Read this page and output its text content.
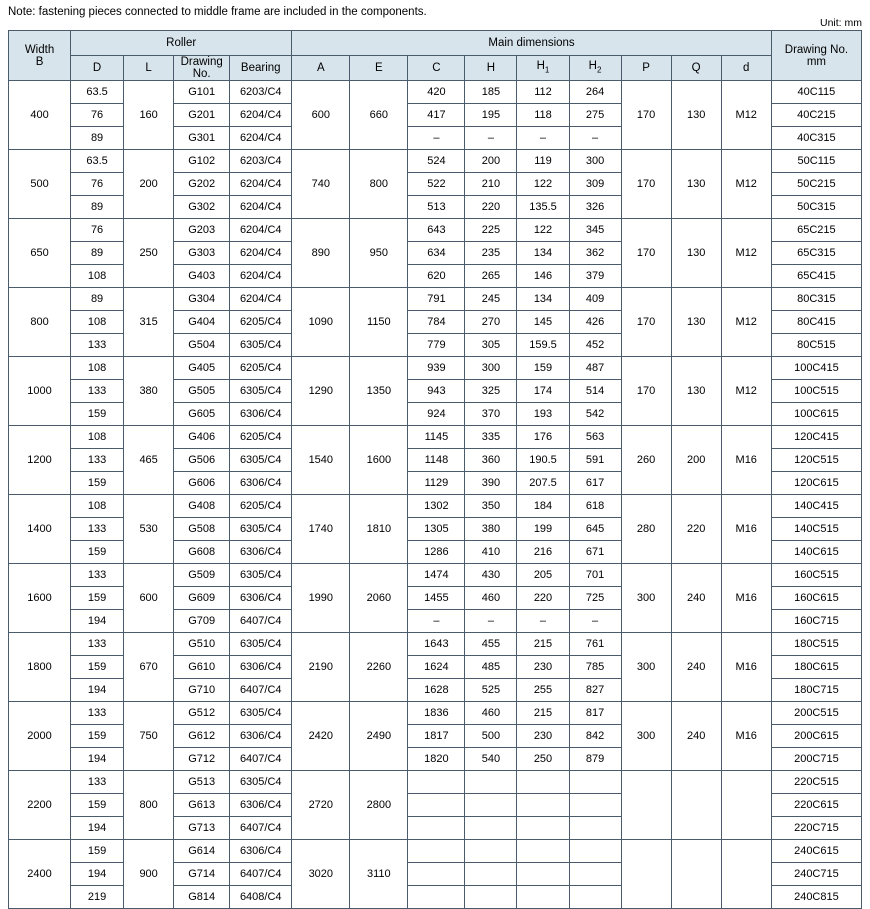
Note: fastening pieces connected to middle frame are included in the components.
Unit: mm
Width
B
	Roller	Main dimensions	
Drawing No.
mm

	D	L	Drawing
No.	Bearing	A	E	C	H	$H_1$	$H_2$	P	Q	d	
400	63.5	160	G101	6203/C4	600	660	420	185	112	264	170	130	M12	40C115
	76		G201	6204/C4			417	195	118	275				40C215
	89		G301	6204/C4			–	–	–	–				40C315
500	63.5	200	G102	6203/C4	740	800	524	200	119	300	170	130	M12	50C115
	76		G202	6204/C4			522	210	122	309				50C215
	89		G302	6204/C4			513	220	135.5	326				50C315
650	76	250	G203	6204/C4	890	950	643	225	122	345	170	130	M12	65C215
	89		G303	6204/C4			634	235	134	362				65C315
	108		G403	6204/C4			620	265	146	379				65C415
800	89	315	G304	6204/C4	1090	1150	791	245	134	409	170	130	M12	80C315
	108		G404	6205/C4			784	270	145	426				80C415
	133		G504	6305/C4			779	305	159.5	452				80C515
1000	108	380	G405	6205/C4	1290	1350	939	300	159	487	170	130	M12	100C415
	133		G505	6305/C4			943	325	174	514				100C515
	159		G605	6306/C4			924	370	193	542				100C615
1200	108	465	G406	6205/C4	1540	1600	1145	335	176	563	260	200	M16	120C415
	133		G506	6305/C4			1148	360	190.5	591				120C515
	159		G606	6306/C4			1129	390	207.5	617				120C615
1400	108	530	G408	6205/C4	1740	1810	1302	350	184	618	280	220	M16	140C415
	133		G508	6305/C4			1305	380	199	645				140C515
	159		G608	6306/C4			1286	410	216	671				140C615
1600	133	600	G509	6305/C4	1990	2060	1474	430	205	701	300	240	M16	160C515
	159		G609	6306/C4			1455	460	220	725				160C615
	194		G709	6407/C4			–	–	–	–				160C715
1800	133	670	G510	6305/C4	2190	2260	1643	455	215	761	300	240	M16	180C515
	159		G610	6306/C4			1624	485	230	785				180C615
	194		G710	6407/C4			1628	525	255	827				180C715
2000	133	750	G512	6305/C4	2420	2490	1836	460	215	817	300	240	M16	200C515
	159		G612	6306/C4			1817	500	230	842				200C615
	194		G712	6407/C4			1820	540	250	879				200C715
2200	133	800	G513	6305/C4	2720	2800								220C515
	159		G613	6306/C4										220C615
	194		G713	6407/C4										220C715
2400	159	900	G614	6306/C4	3020	3110								240C615
	194		G714	6407/C4										240C715
	219		G814	6408/C4										240C815
